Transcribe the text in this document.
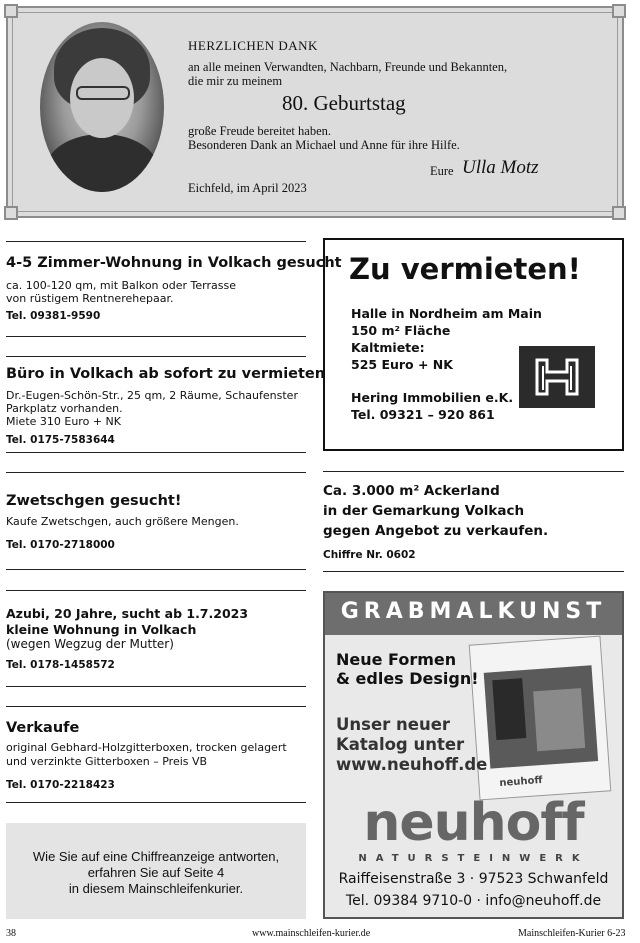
HERZLICHEN DANK
an alle meinen Verwandten, Nachbarn, Freunde und Bekannten,
die mir zu meinem
80. Geburtstag
große Freude bereitet haben.
Besonderen Dank an Michael und Anne für ihre Hilfe.
Eure Ulla Motz
Eichfeld, im April 2023
4-5 Zimmer-Wohnung in Volkach gesucht
ca. 100-120 qm, mit Balkon oder Terrasse
von rüstigem Rentnerehepaar.
Tel. 09381-9590
Büro in Volkach ab sofort zu vermieten
Dr.-Eugen-Schön-Str., 25 qm, 2 Räume, Schaufenster
Parkplatz vorhanden.
Miete 310 Euro + NK
Tel. 0175-7583644
Zwetschgen gesucht!
Kaufe Zwetschgen, auch größere Mengen.
Tel. 0170-2718000
Azubi, 20 Jahre, sucht ab 1.7.2023
kleine Wohnung in Volkach
(wegen Wegzug der Mutter)
Tel. 0178-1458572
Verkaufe
original Gebhard-Holzgitterboxen, trocken gelagert
und verzinkte Gitterboxen – Preis VB
Tel. 0170-2218423
Wie Sie auf eine Chiffreanzeige antworten,
erfahren Sie auf Seite 4
in diesem Mainschleifenkurier.
Zu vermieten!
Halle in Nordheim am Main
150 m² Fläche
Kaltmiete:
525 Euro + NK
Hering Immobilien e.K.
Tel. 09321 – 920 861
Ca. 3.000 m² Ackerland
in der Gemarkung Volkach
gegen Angebot zu verkaufen.
Chiffre Nr. 0602
GRABMALKUNST
neuhoff
Neue Formen
& edles Design!
Unser neuer
Katalog unter
www.neuhoff.de
neuhoff
NATURSTEINWERK
Raiffeisenstraße 3 · 97523 Schwanfeld
Tel. 09384 9710-0 · info@neuhoff.de
38	www.mainschleifen-kurier.de	Mainschleifen-Kurier 6-23
